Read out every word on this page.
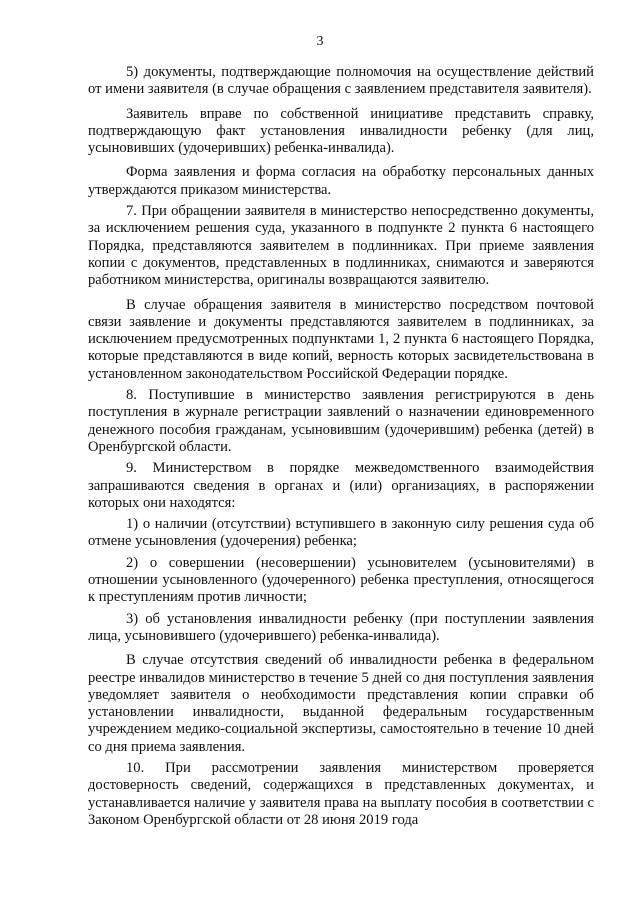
3

5) документы, подтверждающие полномочия на осуществление действий от имени заявителя (в случае обращения с заявлением представителя заявителя).

Заявитель вправе по собственной инициативе представить справку, подтверждающую факт установления инвалидности ребенку (для лиц, усыновивших (удочеривших) ребенка-инвалида).

Форма заявления и форма согласия на обработку персональных данных утверждаются приказом министерства.

7. При обращении заявителя в министерство непосредственно документы, за исключением решения суда, указанного в подпункте 2 пункта 6 настоящего Порядка, представляются заявителем в подлинниках. При приеме заявления копии с документов, представленных в подлинниках, снимаются и заверяются работником министерства, оригиналы возвращаются заявителю.

В случае обращения заявителя в министерство посредством почтовой связи заявление и документы представляются заявителем в подлинниках, за исключением предусмотренных подпунктами 1, 2 пункта 6 настоящего Порядка, которые представляются в виде копий, верность которых засвидетельствована в установленном законодательством Российской Федерации порядке.

8. Поступившие в министерство заявления регистрируются в день поступления в журнале регистрации заявлений о назначении единовременного денежного пособия гражданам, усыновившим (удочерившим) ребенка (детей) в Оренбургской области.

9. Министерством в порядке межведомственного взаимодействия запрашиваются сведения в органах и (или) организациях, в распоряжении которых они находятся:

1) о наличии (отсутствии) вступившего в законную силу решения суда об отмене усыновления (удочерения) ребенка;

2) о совершении (несовершении) усыновителем (усыновителями) в отношении усыновленного (удочеренного) ребенка преступления, относящегося к преступлениям против личности;

3) об установления инвалидности ребенку (при поступлении заявления лица, усыновившего (удочерившего) ребенка-инвалида).

В случае отсутствия сведений об инвалидности ребенка в федеральном реестре инвалидов министерство в течение 5 дней со дня поступления заявления уведомляет заявителя о необходимости представления копии справки об установлении инвалидности, выданной федеральным государственным учреждением медико-социальной экспертизы, самостоятельно в течение 10 дней со дня приема заявления.

10. При рассмотрении заявления министерством проверяется достоверность сведений, содержащихся в представленных документах, и устанавливается наличие у заявителя права на выплату пособия в соответствии с Законом Оренбургской области от 28 июня 2019 года
